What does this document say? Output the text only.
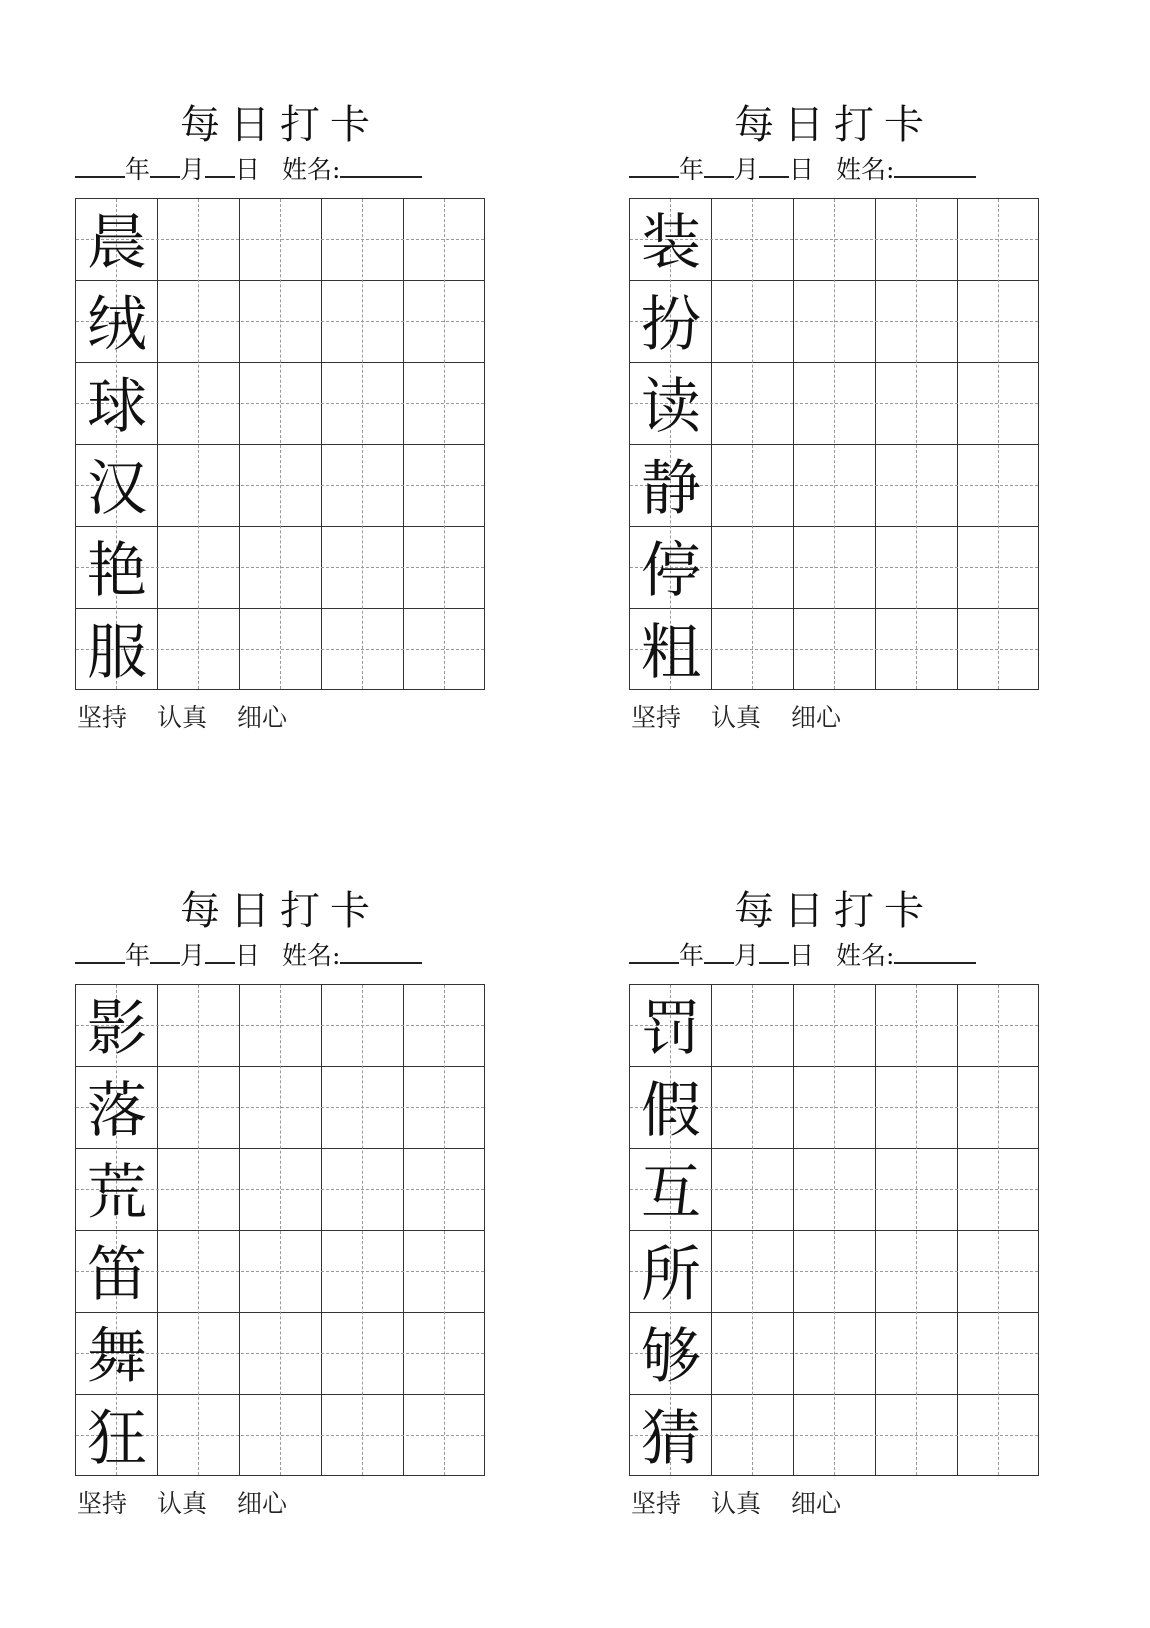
每日打卡
年 月 日 姓名:
晨
绒
球
汉
艳
服
坚持 认真 细心
每日打卡
年 月 日 姓名:
装
扮
读
静
停
粗
坚持 认真 细心
每日打卡
年 月 日 姓名:
影
落
荒
笛
舞
狂
坚持 认真 细心
每日打卡
年 月 日 姓名:
罚
假
互
所
够
猜
坚持 认真 细心
